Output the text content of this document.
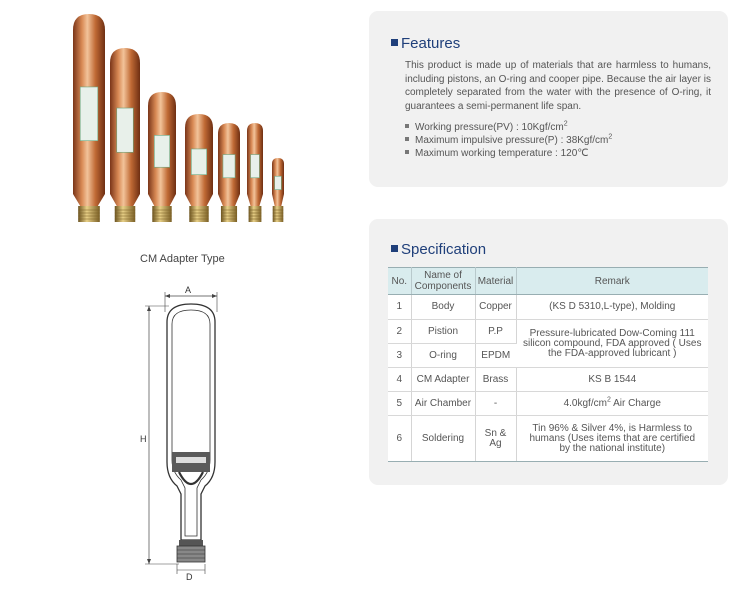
CM Adapter Type
A
H
D
Features
This product is made up of materials that are harmless to humans, including pistons, an O-ring and cooper pipe. Because the air layer is completely separated from the water with the presence of O-ring, it guarantees a semi-permanent life span.
Working pressure(PV) : $10Kgf/cm^2$
Maximum impulsive pressure(P) : $38Kgf/cm^2$
Maximum working temperature : 120℃
Specification
No.	Name of Components	Material	Remark
1	Body	Copper	(KS D 5310,L-type), Molding
2	Pistion	P.P	Pressure-lubricated Dow-Coming 111 silicon compound, FDA approved ( Uses the FDA-approved lubricant )
3	O-ring	EPDM	
4	CM Adapter	Brass	KS B 1544
5	Air Chamber	-	$4.0kgf/cm^2$ Air Charge
6	Soldering	Sn & Ag	Tin 96% & Silver 4%, is Harmless to humans (Uses items that are certified by the national institute)
